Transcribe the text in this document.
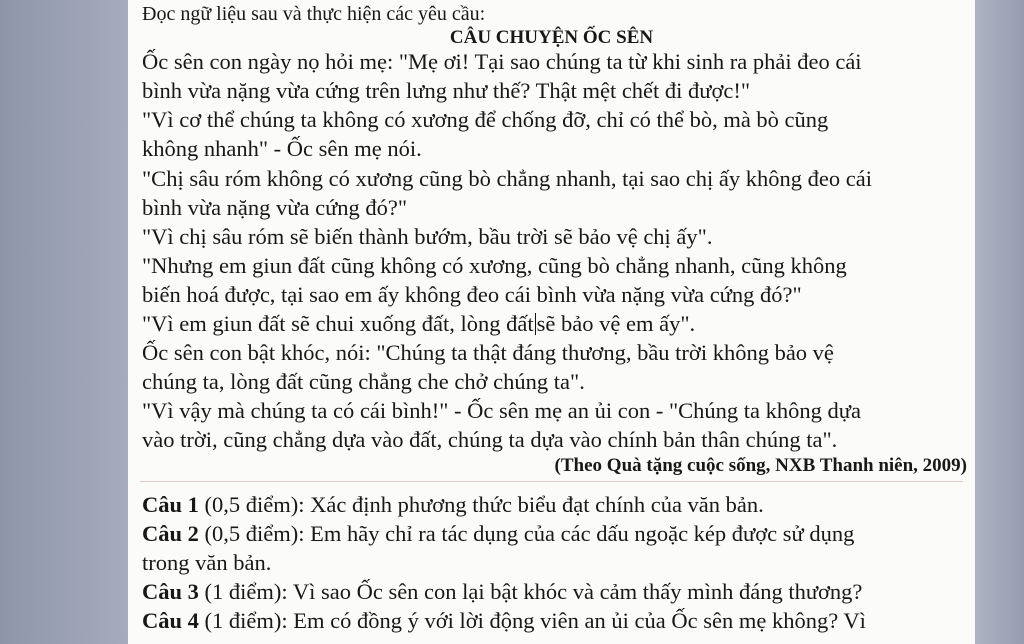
Đọc ngữ liệu sau và thực hiện các yêu cầu:
CÂU CHUYỆN ỐC SÊN
Ốc sên con ngày nọ hỏi mẹ: "Mẹ ơi! Tại sao chúng ta từ khi sinh ra phải đeo cái
bình vừa nặng vừa cứng trên lưng như thế? Thật mệt chết đi được!"
"Vì cơ thể chúng ta không có xương để chống đỡ, chỉ có thể bò, mà bò cũng
không nhanh" - Ốc sên mẹ nói.
"Chị sâu róm không có xương cũng bò chẳng nhanh, tại sao chị ấy không đeo cái
bình vừa nặng vừa cứng đó?"
"Vì chị sâu róm sẽ biến thành bướm, bầu trời sẽ bảo vệ chị ấy".
"Nhưng em giun đất cũng không có xương, cũng bò chẳng nhanh, cũng không
biến hoá được, tại sao em ấy không đeo cái bình vừa nặng vừa cứng đó?"
"Vì em giun đất sẽ chui xuống đất, lòng đất sẽ bảo vệ em ấy".
Ốc sên con bật khóc, nói: "Chúng ta thật đáng thương, bầu trời không bảo vệ
chúng ta, lòng đất cũng chẳng che chở chúng ta".
"Vì vậy mà chúng ta có cái bình!" - Ốc sên mẹ an ủi con - "Chúng ta không dựa
vào trời, cũng chẳng dựa vào đất, chúng ta dựa vào chính bản thân chúng ta".
(Theo Quà tặng cuộc sống, NXB Thanh niên, 2009)
Câu 1 (0,5 điểm): Xác định phương thức biểu đạt chính của văn bản.
Câu 2 (0,5 điểm): Em hãy chỉ ra tác dụng của các dấu ngoặc kép được sử dụng
trong văn bản.
Câu 3 (1 điểm): Vì sao Ốc sên con lại bật khóc và cảm thấy mình đáng thương?
Câu 4 (1 điểm): Em có đồng ý với lời động viên an ủi của Ốc sên mẹ không? Vì
